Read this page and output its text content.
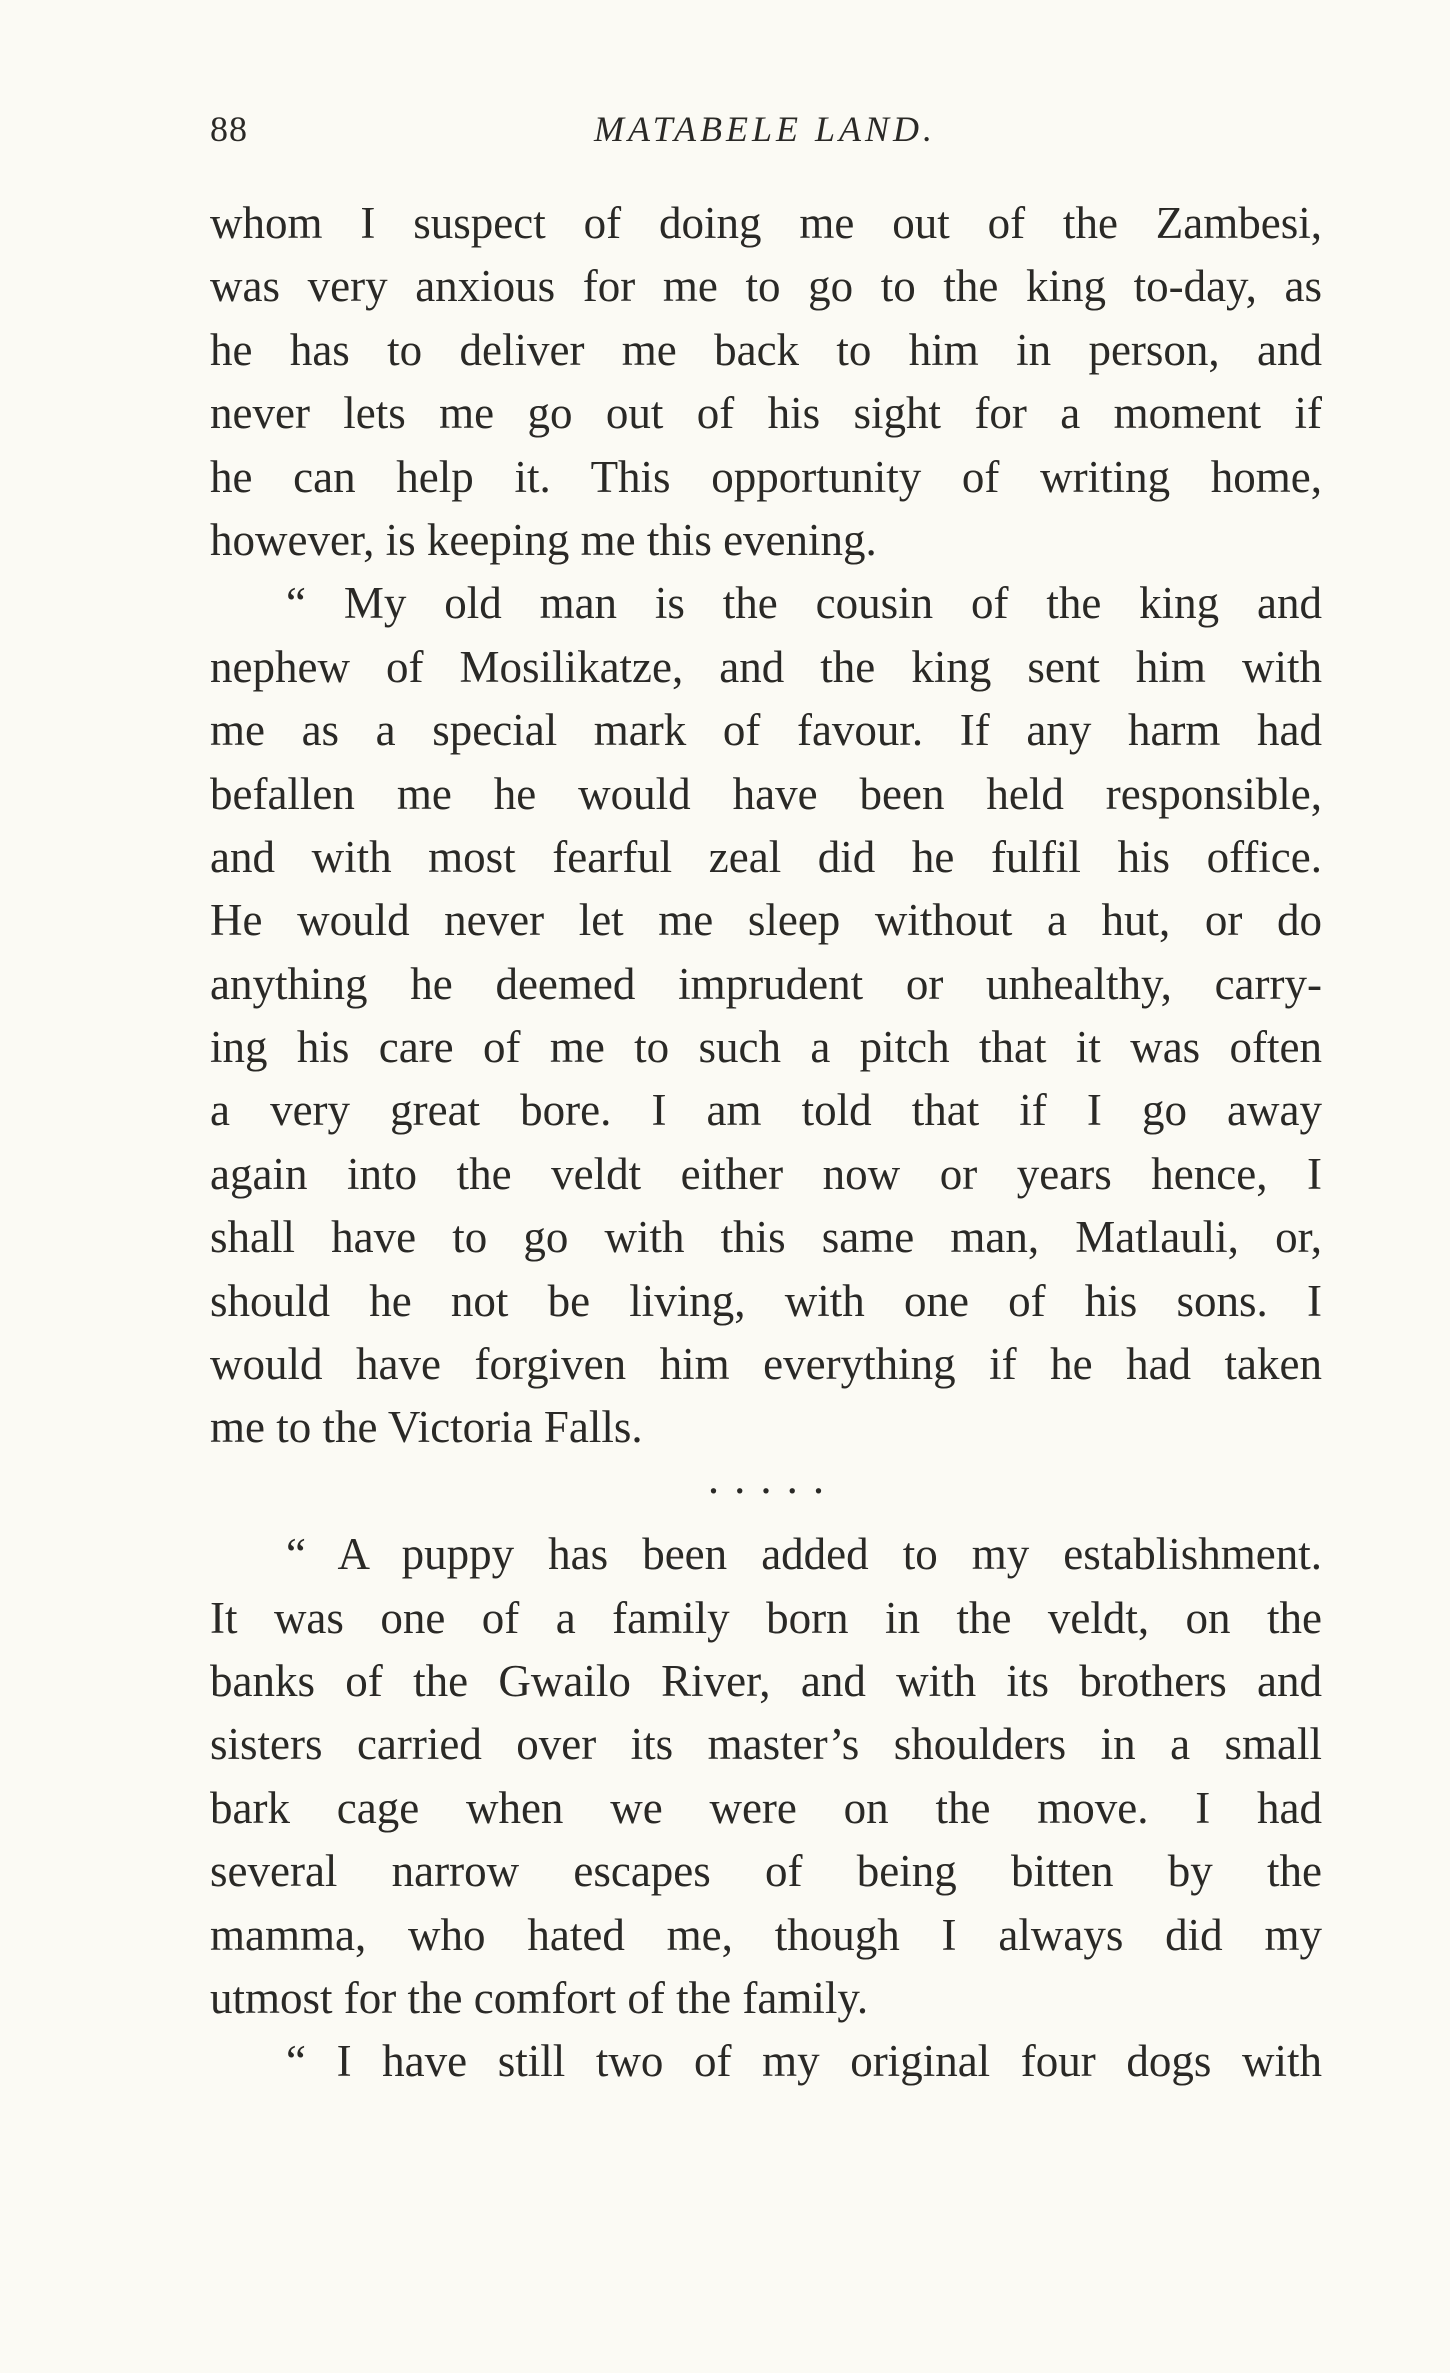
88	MATABELE LAND.
whom I suspect of doing me out of the Zambesi,
was very anxious for me to go to the king to-day, as
he has to deliver me back to him in person, and
never lets me go out of his sight for a moment if
he can help it. This opportunity of writing home,
however, is keeping me this evening.
“ My old man is the cousin of the king and
nephew of Mosilikatze, and the king sent him with
me as a special mark of favour. If any harm had
befallen me he would have been held responsible,
and with most fearful zeal did he fulfil his office.
He would never let me sleep without a hut, or do
anything he deemed imprudent or unhealthy, carry-
ing his care of me to such a pitch that it was often
a very great bore. I am told that if I go away
again into the veldt either now or years hence, I
shall have to go with this same man, Matlauli, or,
should he not be living, with one of his sons. I
would have forgiven him everything if he had taken
me to the Victoria Falls.
· · · · ·
“ A puppy has been added to my establishment.
It was one of a family born in the veldt, on the
banks of the Gwailo River, and with its brothers and
sisters carried over its master’s shoulders in a small
bark cage when we were on the move. I had
several narrow escapes of being bitten by the
mamma, who hated me, though I always did my
utmost for the comfort of the family.
“ I have still two of my original four dogs with
